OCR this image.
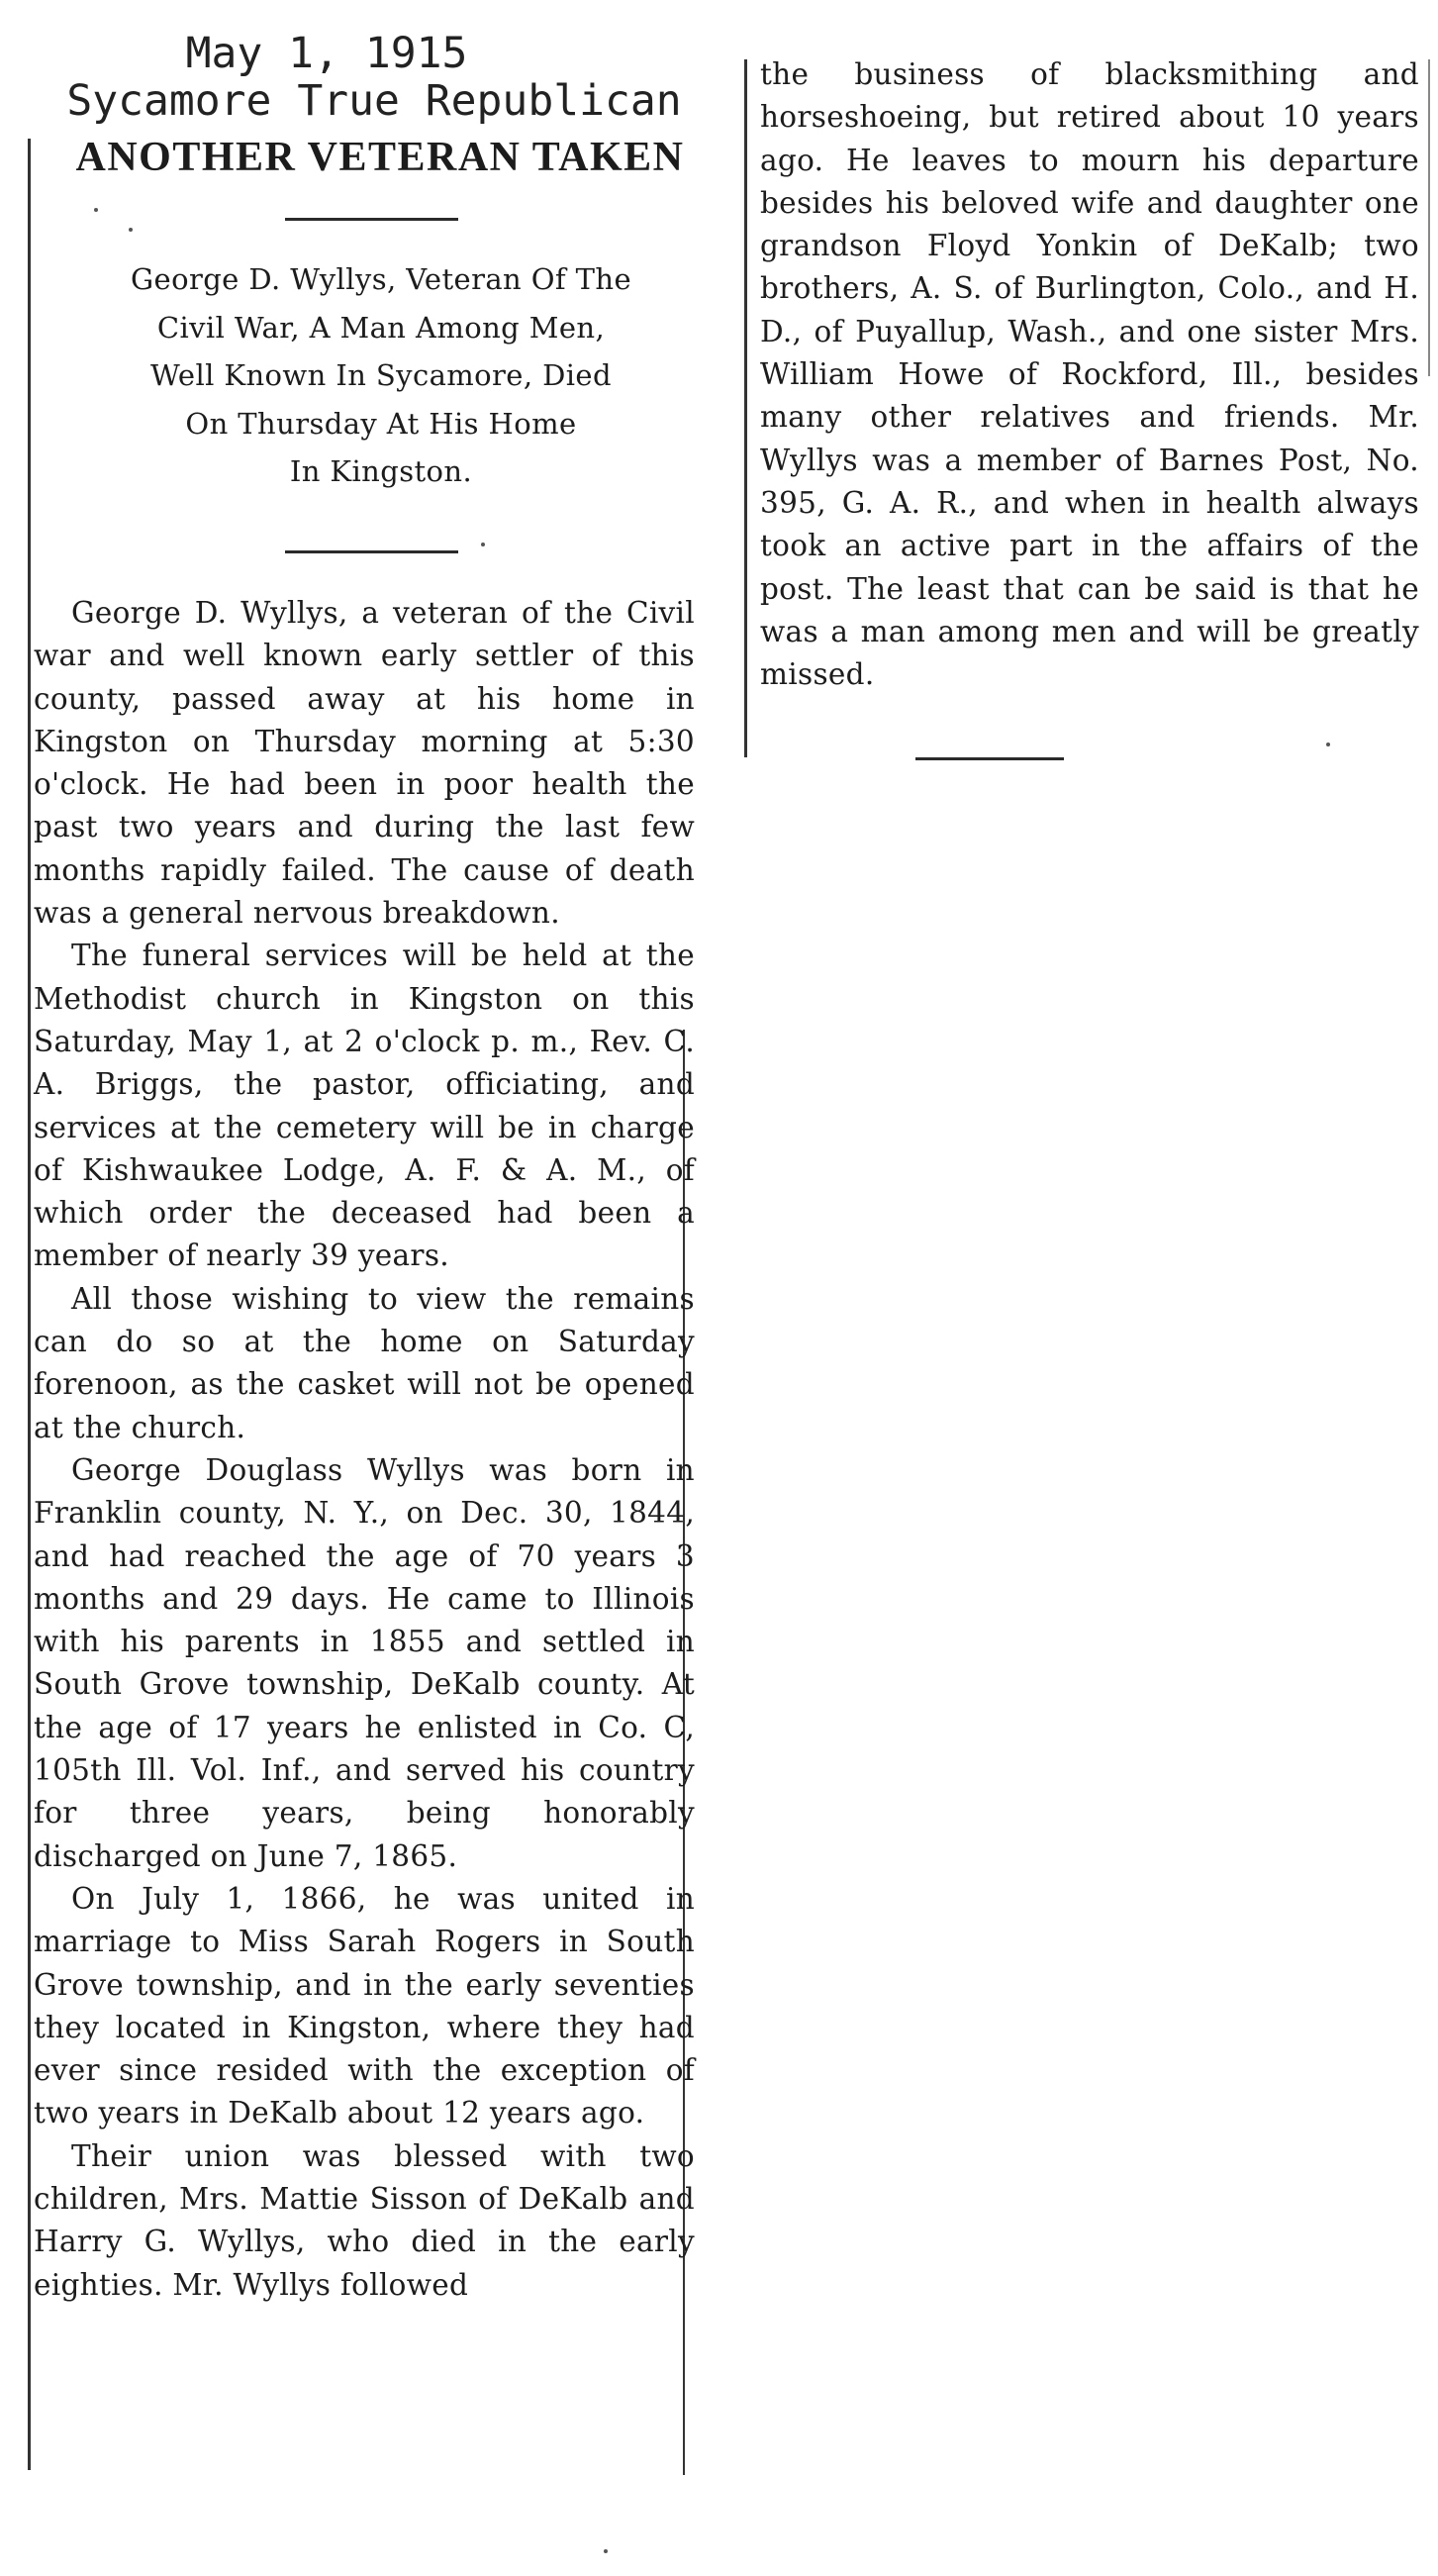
May 1, 1915
Sycamore True Republican
ANOTHER VETERAN TAKEN
George D. Wyllys, Veteran Of The
Civil War, A Man Among Men,
Well Known In Sycamore, Died
On Thursday At His Home
In Kingston.

George D. Wyllys, a veteran of the Civil war and well known early settler of this county, passed away at his home in Kingston on Thursday morning at 5:30 o'clock. He had been in poor health the past two years and during the last few months rapidly failed. The cause of death was a general nervous breakdown.

The funeral services will be held at the Methodist church in Kingston on this Saturday, May 1, at 2 o'clock p. m., Rev. C. A. Briggs, the pastor, officiating, and services at the cemetery will be in charge of Kishwaukee Lodge, A. F. & A. M., of which order the deceased had been a member of nearly 39 years.

All those wishing to view the remains can do so at the home on Saturday forenoon, as the casket will not be opened at the church.

George Douglass Wyllys was born in Franklin county, N. Y., on Dec. 30, 1844, and had reached the age of 70 years 3 months and 29 days. He came to Illinois with his parents in 1855 and settled in South Grove township, DeKalb county. At the age of 17 years he enlisted in Co. C, 105th Ill. Vol. Inf., and served his country for three years, being honorably discharged on June 7, 1865.

On July 1, 1866, he was united in marriage to Miss Sarah Rogers in South Grove township, and in the early seventies they located in Kingston, where they had ever since resided with the exception of two years in DeKalb about 12 years ago.

Their union was blessed with two children, Mrs. Mattie Sisson of DeKalb and Harry G. Wyllys, who died in the early eighties. Mr. Wyllys followed

the business of blacksmithing and horseshoeing, but retired about 10 years ago. He leaves to mourn his departure besides his beloved wife and daughter one grandson Floyd Yonkin of DeKalb; two brothers, A. S. of Burlington, Colo., and H. D., of Puyallup, Wash., and one sister Mrs. William Howe of Rockford, Ill., besides many other relatives and friends. Mr. Wyllys was a member of Barnes Post, No. 395, G. A. R., and when in health always took an active part in the affairs of the post. The least that can be said is that he was a man among men and will be greatly missed.
